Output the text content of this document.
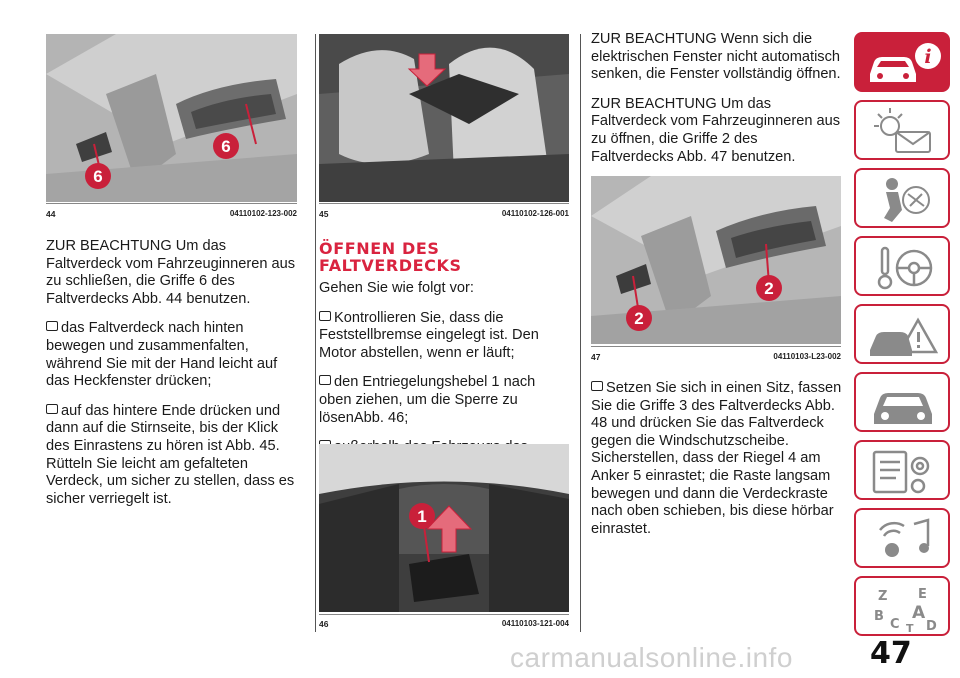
6
6
44	04110102-123-002

ZUR BEACHTUNG Um das Faltverdeck vom Fahrzeuginneren aus zu schließen, die Griffe 6 des Faltverdecks Abb. 44 benutzen.

das Faltverdeck nach hinten bewegen und zusammenfalten, während Sie mit der Hand leicht auf das Heckfenster drücken;

auf das hintere Ende drücken und dann auf die Stirnseite, bis der Klick des Einrastens zu hören ist Abb. 45. Rütteln Sie leicht am gefalteten Verdeck, um sicher zu stellen, dass es sicher verriegelt ist.

45	04110102-126-001
ÖFFNEN DES
FALTVERDECKS

Gehen Sie wie folgt vor:

Kontrollieren Sie, dass die Feststellbremse eingelegt ist. Den Motor abstellen, wenn er läuft;

den Entriegelungshebel 1 nach oben ziehen, um die Sperre zu lösenAbb. 46;

1
46	04110103-121-004

ZUR BEACHTUNG Wenn sich die elektrischen Fenster nicht automatisch senken, die Fenster vollständig öffnen.

ZUR BEACHTUNG Um das Faltverdeck vom Fahrzeuginneren aus zu öffnen, die Griffe 2 des Faltverdecks Abb. 47 benutzen.

2
2
47	04110103-L23-002

Setzen Sie sich in einen Sitz, fassen Sie die Griffe 3 des Faltverdecks Abb. 48 und drücken Sie das Faltverdeck gegen die Windschutzscheibe. Sicherstellen, dass der Riegel 4 am Anker 5 einrastet; die Raste langsam bewegen und dann die Verdeckraste nach oben schieben, bis diese hörbar einrastet.

i
Z E
B A
C T D
47
carmanualsonline.info
